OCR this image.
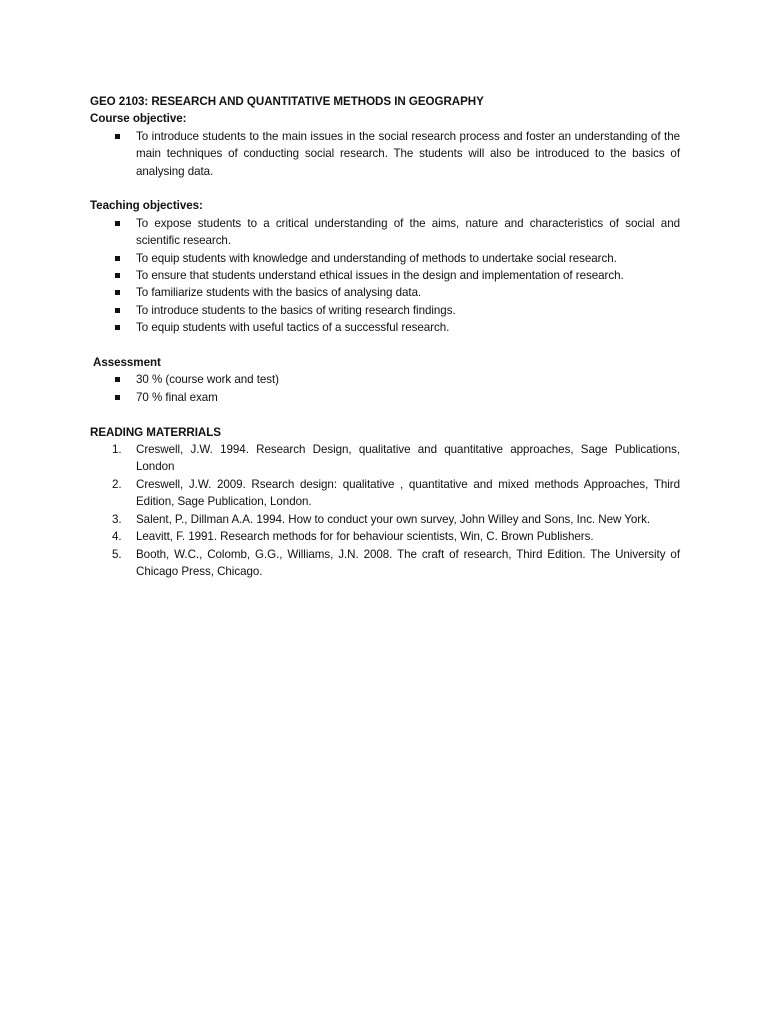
GEO 2103: RESEARCH AND QUANTITATIVE METHODS IN GEOGRAPHY
Course objective:
To introduce students to the main issues in the social research process and foster an understanding of the main techniques of conducting social research. The students will also be introduced to the basics of analysing data.
Teaching objectives:
To expose students to a critical understanding of the aims, nature and characteristics of social and scientific research.
To equip students with knowledge and understanding of methods to undertake social research.
To ensure that students understand ethical issues in the design and implementation of research.
To familiarize students with the basics of analysing data.
To introduce students to the basics of writing research findings.
To equip students with useful tactics of a successful research.
Assessment
30 % (course work and test)
70 % final exam
READING MATERRIALS
1.	Creswell, J.W. 1994. Research Design, qualitative and quantitative approaches, Sage Publications, London
2.	Creswell, J.W. 2009. Rsearch design: qualitative , quantitative and mixed methods Approaches, Third Edition, Sage Publication, London.
3.	Salent, P., Dillman A.A. 1994. How to conduct your own survey, John Willey and Sons, Inc. New York.
4.	Leavitt, F. 1991. Research methods for for behaviour scientists, Win, C. Brown Publishers.
5.	Booth, W.C., Colomb, G.G., Williams, J.N. 2008. The craft of research, Third Edition. The University of Chicago Press, Chicago.
